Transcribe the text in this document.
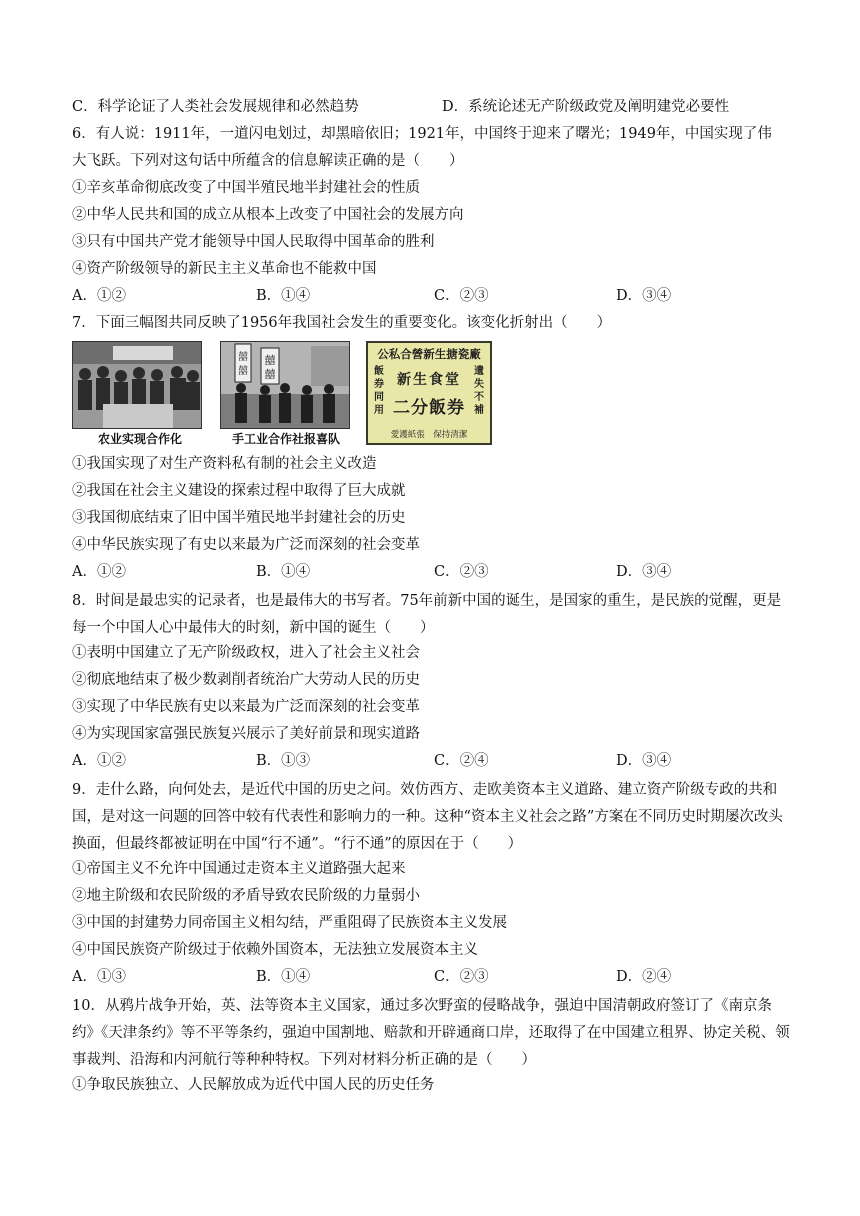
C．科学论证了人类社会发展规律和必然趋势	D．系统论述无产阶级政党及阐明建党必要性
6．有人说：1911年，一道闪电划过，却黑暗依旧；1921年，中国终于迎来了曙光；1949年，中国实现了伟
大飞跃。下列对这句话中所蕴含的信息解读正确的是（　　）
①辛亥革命彻底改变了中国半殖民地半封建社会的性质
②中华人民共和国的成立从根本上改变了中国社会的发展方向
③只有中国共产党才能领导中国人民取得中国革命的胜利
④资产阶级领导的新民主主义革命也不能救中国
A．①②	B．①④	C．②③	D．③④
7．下面三幅图共同反映了1956年我国社会发生的重要变化。该变化折射出（　　）
农业实现合作化
囍
囍
囍
囍
手工业合作社报喜队
公私合營新生搪瓷廠
飯券同用
遺失不補
新生食堂
二分飯券
愛護紙張　保持清潔
①我国实现了对生产资料私有制的社会主义改造
②我国在社会主义建设的探索过程中取得了巨大成就
③我国彻底结束了旧中国半殖民地半封建社会的历史
④中华民族实现了有史以来最为广泛而深刻的社会变革
A．①②	B．①④	C．②③	D．③④
8．时间是最忠实的记录者，也是最伟大的书写者。75年前新中国的诞生，是国家的重生，是民族的觉醒，更是每一个中国人心中最伟大的时刻，新中国的诞生（　　）
①表明中国建立了无产阶级政权，进入了社会主义社会
②彻底地结束了极少数剥削者统治广大劳动人民的历史
③实现了中华民族有史以来最为广泛而深刻的社会变革
④为实现国家富强民族复兴展示了美好前景和现实道路
A．①②	B．①③	C．②④	D．③④
9．走什么路，向何处去，是近代中国的历史之问。效仿西方、走欧美资本主义道路、建立资产阶级专政的共和国，是对这一问题的回答中较有代表性和影响力的一种。这种“资本主义社会之路”方案在不同历史时期屡次改头换面，但最终都被证明在中国“行不通”。“行不通”的原因在于（　　）
①帝国主义不允许中国通过走资本主义道路强大起来
②地主阶级和农民阶级的矛盾导致农民阶级的力量弱小
③中国的封建势力同帝国主义相勾结，严重阻碍了民族资本主义发展
④中国民族资产阶级过于依赖外国资本，无法独立发展资本主义
A．①③	B．①④	C．②③	D．②④
10．从鸦片战争开始，英、法等资本主义国家，通过多次野蛮的侵略战争，强迫中国清朝政府签订了《南京条约》《天津条约》等不平等条约，强迫中国割地、赔款和开辟通商口岸，还取得了在中国建立租界、协定关税、领事裁判、沿海和内河航行等种种特权。下列对材料分析正确的是（　　）
①争取民族独立、人民解放成为近代中国人民的历史任务
